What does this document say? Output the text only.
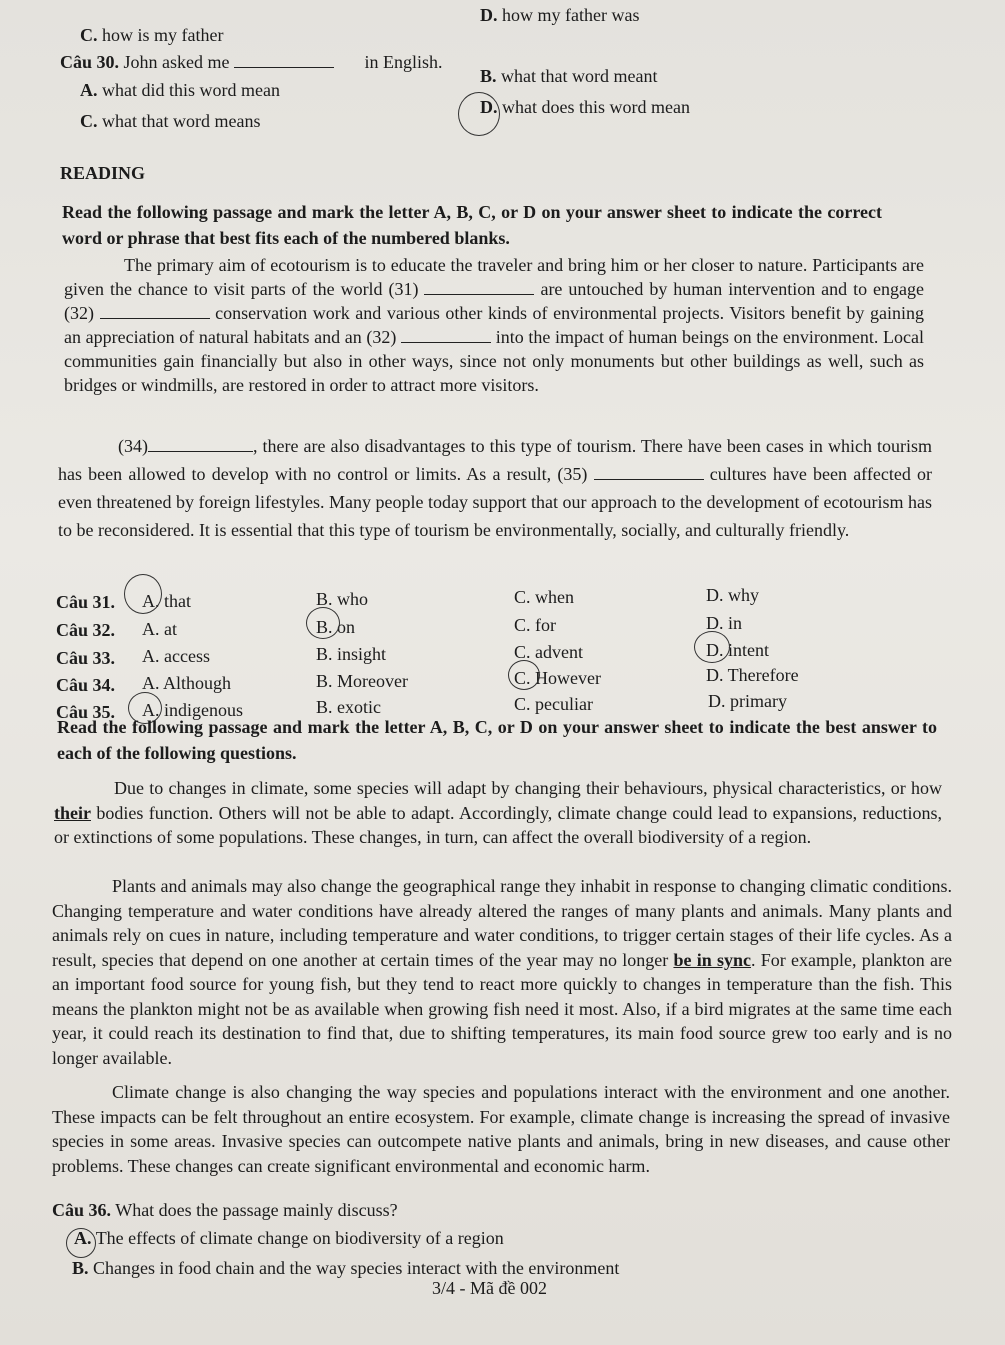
C. how is my father
D. how my father was
Câu 30. John asked me	in English.
A. what did this word mean
B. what that word meant
C. what that word means
D. what does this word mean
READING
Read the following passage and mark the letter A, B, C, or D on your answer sheet to indicate the correct word or phrase that best fits each of the numbered blanks.
The primary aim of ecotourism is to educate the traveler and bring him or her closer to nature. Participants are given the chance to visit parts of the world (31)	are untouched by human intervention and to engage (32)	conservation work and various other kinds of environmental projects. Visitors benefit by gaining an appreciation of natural habitats and an (32)	into the impact of human beings on the environment. Local communities gain financially but also in other ways, since not only monuments but other buildings as well, such as bridges or windmills, are restored in order to attract more visitors.
(34)	, there are also disadvantages to this type of tourism. There have been cases in which tourism has been allowed to develop with no control or limits. As a result, (35)	cultures have been affected or even threatened by foreign lifestyles. Many people today support that our approach to the development of ecotourism has to be reconsidered. It is essential that this type of tourism be environmentally, socially, and culturally friendly.
Câu 31. A. that	B. who	C. when	D. why
Câu 32. A. at	B. on	C. for	D. in
Câu 33. A. access	B. insight	C. advent	D. intent
Câu 34. A. Although	B. Moreover	C. However	D. Therefore
Câu 35. A. indigenous	B. exotic	C. peculiar	D. primary
Read the following passage and mark the letter A, B, C, or D on your answer sheet to indicate the best answer to each of the following questions.
Due to changes in climate, some species will adapt by changing their behaviours, physical characteristics, or how their bodies function. Others will not be able to adapt. Accordingly, climate change could lead to expansions, reductions, or extinctions of some populations. These changes, in turn, can affect the overall biodiversity of a region.
Plants and animals may also change the geographical range they inhabit in response to changing climatic conditions. Changing temperature and water conditions have already altered the ranges of many plants and animals. Many plants and animals rely on cues in nature, including temperature and water conditions, to trigger certain stages of their life cycles. As a result, species that depend on one another at certain times of the year may no longer be in sync. For example, plankton are an important food source for young fish, but they tend to react more quickly to changes in temperature than the fish. This means the plankton might not be as available when growing fish need it most. Also, if a bird migrates at the same time each year, it could reach its destination to find that, due to shifting temperatures, its main food source grew too early and is no longer available.
Climate change is also changing the way species and populations interact with the environment and one another. These impacts can be felt throughout an entire ecosystem. For example, climate change is increasing the spread of invasive species in some areas. Invasive species can outcompete native plants and animals, bring in new diseases, and cause other problems. These changes can create significant environmental and economic harm.
Câu 36. What does the passage mainly discuss?
A. The effects of climate change on biodiversity of a region
B. Changes in food chain and the way species interact with the environment
3/4 - Mã đề 002
